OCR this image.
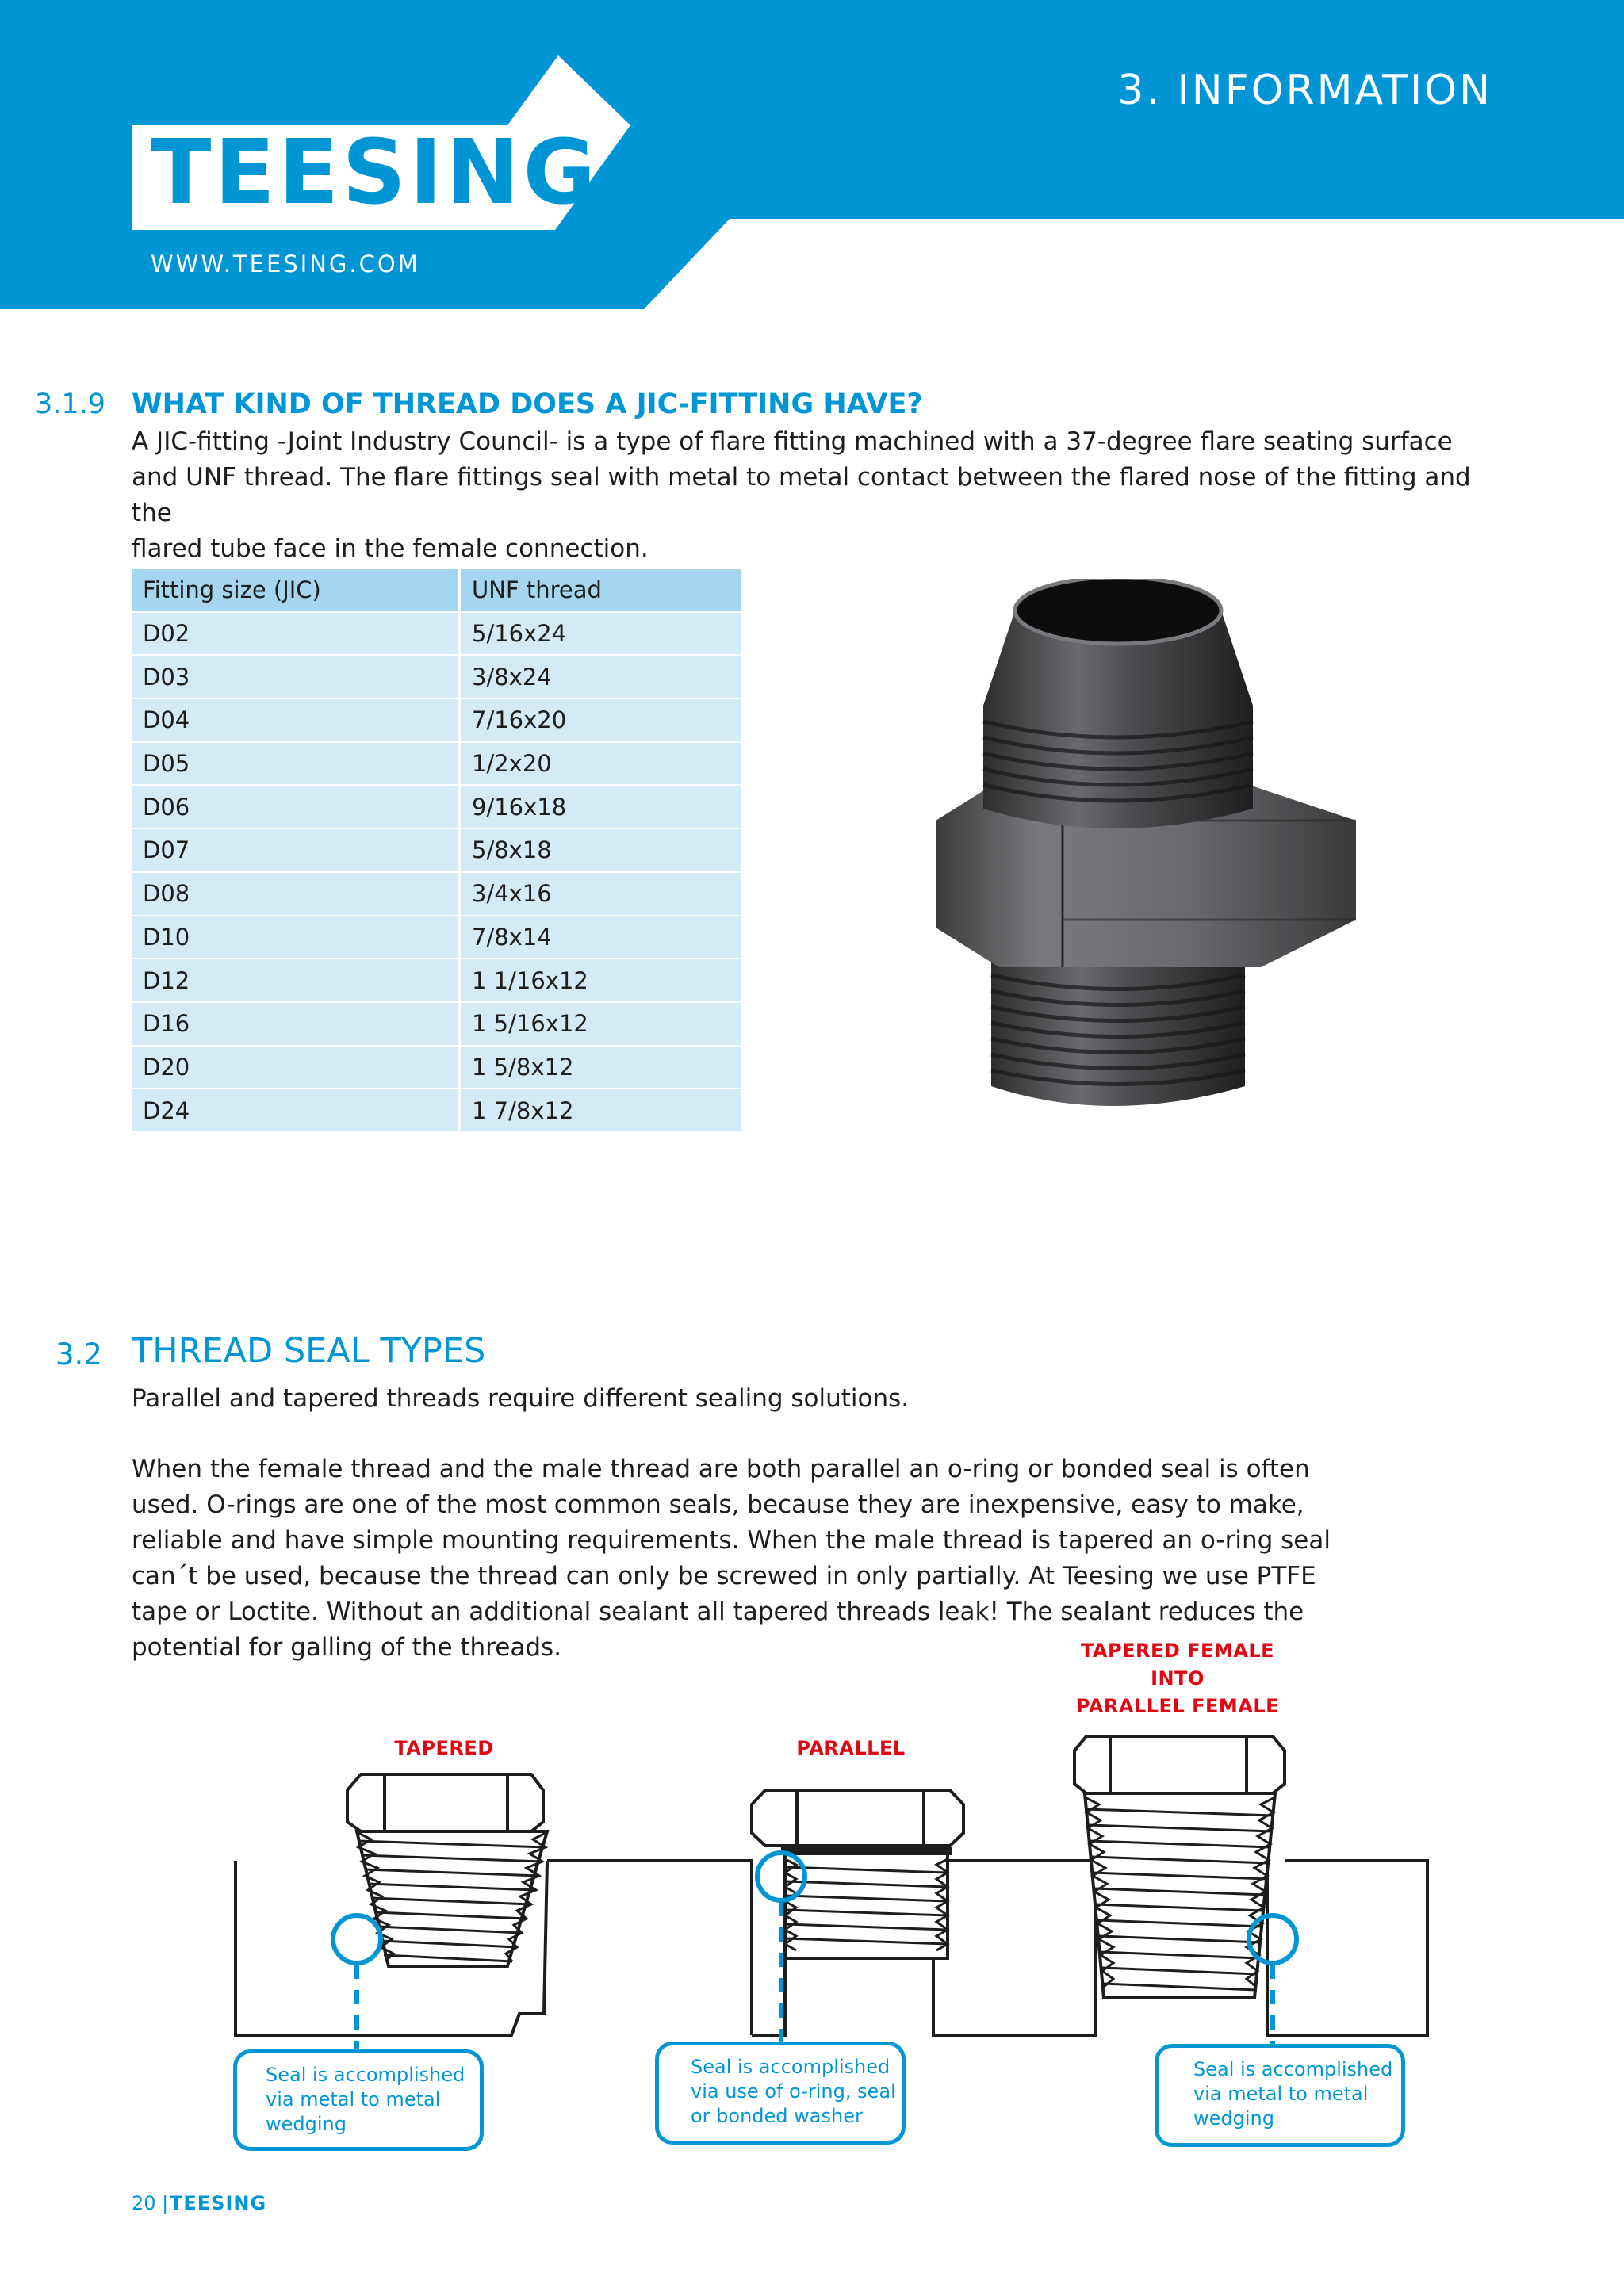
TEESING
WWW.TEESING.COM
3. INFORMATION
3.1.9 WHAT KIND OF THREAD DOES A JIC-FITTING HAVE?
A JIC-fitting -Joint Industry Council- is a type of flare fitting machined with a 37-degree flare seating surface
and UNF thread. The flare fittings seal with metal to metal contact between the flared nose of the fitting and the
flared tube face in the female connection.
Fitting size (JIC)	UNF thread
D02	5/16x24
D03	3/8x24
D04	7/16x20
D05	1/2x20
D06	9/16x18
D07	5/8x18
D08	3/4x16
D10	7/8x14
D12	1 1/16x12
D16	1 5/16x12
D20	1 5/8x12
D24	1 7/8x12
3.2 THREAD SEAL TYPES
Parallel and tapered threads require different sealing solutions.
When the female thread and the male thread are both parallel an o-ring or bonded seal is often
used. O-rings are one of the most common seals, because they are inexpensive, easy to make,
reliable and have simple mounting requirements. When the male thread is tapered an o-ring seal
can´t be used, because the thread can only be screwed in only partially. At Teesing we use PTFE
tape or Loctite. Without an additional sealant all tapered threads leak! The sealant reduces the
potential for galling of the threads.
TAPERED	PARALLEL
TAPERED FEMALE
INTO
PARALLEL FEMALE
Seal is accomplished
via metal to metal
wedging
Seal is accomplished
via use of o-ring, seal
or bonded washer
Seal is accomplished
via metal to metal
wedging
20 | TEESING
